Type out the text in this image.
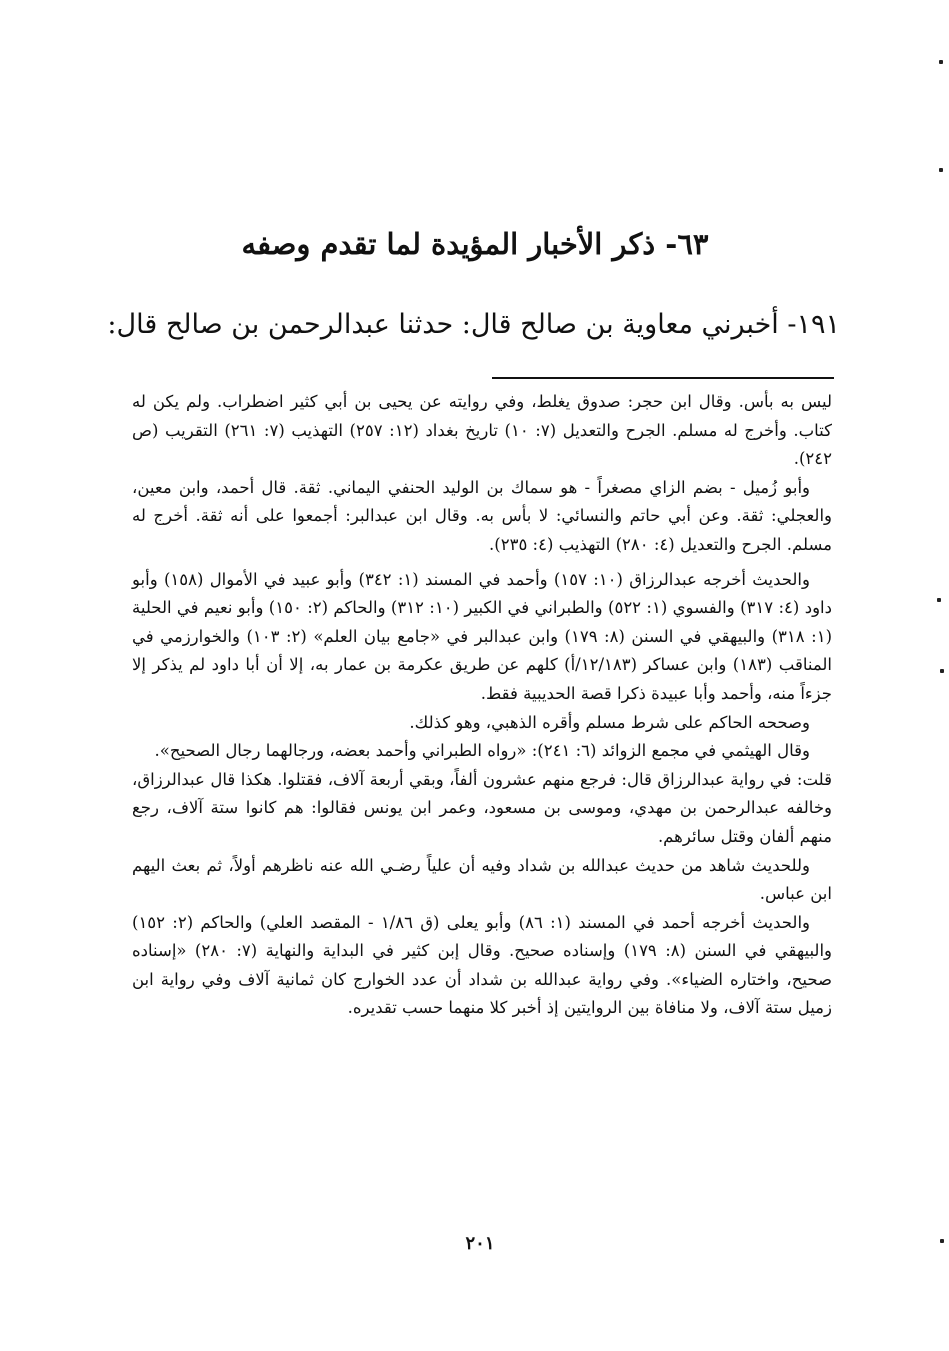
٦٣- ذكر الأخبار المؤيدة لما تقدم وصفه
١٩١- أخبرني معاوية بن صالح قال: حدثنا عبدالرحمن بن صالح قال:

ليس به بأس. وقال ابن حجر: صدوق يغلط، وفي روايته عن يحيى بن أبي كثير اضطراب. ولم يكن له كتاب. وأخرج له مسلم. الجرح والتعديل (٧: ١٠) تاريخ بغداد (١٢: ٢٥٧) التهذيب (٧: ٢٦١) التقريب (ص ٢٤٢).

وأبو زُميل - بضم الزاي مصغراً - هو سماك بن الوليد الحنفي اليماني. ثقة. قال أحمد، وابن معين، والعجلي: ثقة. وعن أبي حاتم والنسائي: لا بأس به. وقال ابن عبدالبر: أجمعوا على أنه ثقة. أخرج له مسلم. الجرح والتعديل (٤: ٢٨٠) التهذيب (٤: ٢٣٥).

والحديث أخرجه عبدالرزاق (١٠: ١٥٧) وأحمد في المسند (١: ٣٤٢) وأبو عبيد في الأموال (١٥٨) وأبو داود (٤: ٣١٧) والفسوي (١: ٥٢٢) والطبراني في الكبير (١٠: ٣١٢) والحاكم (٢: ١٥٠) وأبو نعيم في الحلية (١: ٣١٨) والبيهقي في السنن (٨: ١٧٩) وابن عبدالبر في «جامع بيان العلم» (٢: ١٠٣) والخوارزمي في المناقب (١٨٣) وابن عساكر (١٢/١٨٣/أ) كلهم عن طريق عكرمة بن عمار به، إلا أن أبا داود لم يذكر إلا جزءاً منه، وأحمد وأبا عبيدة ذكرا قصة الحديبية فقط.

وصححه الحاكم على شرط مسلم وأقره الذهبي، وهو كذلك.

وقال الهيثمي في مجمع الزوائد (٦: ٢٤١): «رواه الطبراني وأحمد بعضه، ورجالهما رجال الصحيح».

قلت: في رواية عبدالرزاق قال: فرجع منهم عشرون ألفاً، وبقي أربعة آلاف، فقتلوا. هكذا قال عبدالرزاق، وخالفه عبدالرحمن بن مهدي، وموسى بن مسعود، وعمر ابن يونس فقالوا: هم كانوا ستة آلاف، رجع منهم ألفان وقتل سائرهم.

وللحديث شاهد من حديث عبدالله بن شداد وفيه أن علياً رضـي الله عنه ناظرهم أولاً، ثم بعث اليهم ابن عباس.

والحديث أخرجه أحمد في المسند (١: ٨٦) وأبو يعلى (ق ١/٨٦ - المقصد العلي) والحاكم (٢: ١٥٢) والبيهقي في السنن (٨: ١٧٩) وإسناده صحيح. وقال إبن كثير في البداية والنهاية (٧: ٢٨٠) «إسناده صحيح، واختاره الضياء». وفي رواية عبدالله بن شداد أن عدد الخوارج كان ثمانية آلاف وفي رواية ابن زميل ستة آلاف، ولا منافاة بين الروايتين إذ أخبر كلا منهما حسب تقديره.

٢٠١
